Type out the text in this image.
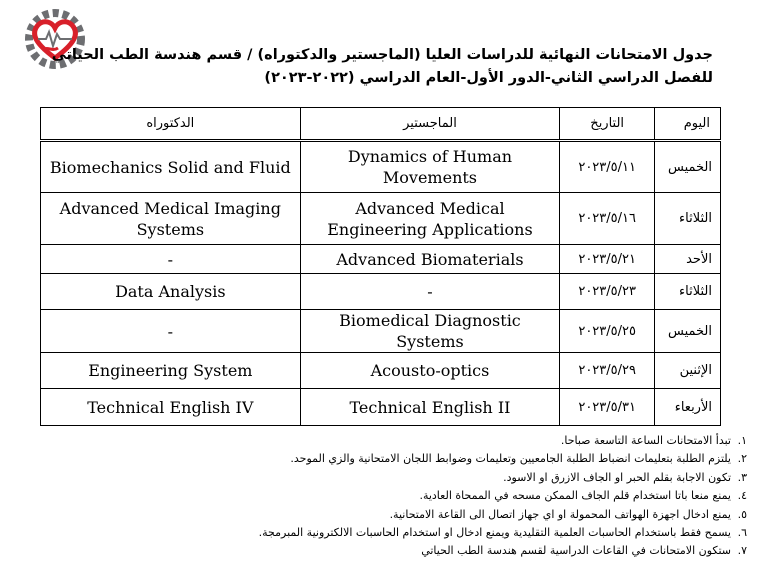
جدول الامتحانات النهائية للدراسات العليا (الماجستير والدكتوراه) / قسم هندسة الطب الحياتي
للفصل الدراسي الثاني-الدور الأول-العام الدراسي (٢٠٢٢-٢٠٢٣)
اليوم	التاريخ	الماجستير	الدكتوراه
الخميس	٢٠٢٣/٥/١١	Dynamics of Human Movements	Biomechanics Solid and Fluid
الثلاثاء	٢٠٢٣/٥/١٦	Advanced Medical Engineering Applications	Advanced Medical Imaging Systems
الأحد	٢٠٢٣/٥/٢١	Advanced Biomaterials	-
الثلاثاء	٢٠٢٣/٥/٢٣	-	Data Analysis
الخميس	٢٠٢٣/٥/٢٥	Biomedical Diagnostic Systems	-
الإثنين	٢٠٢٣/٥/٢٩	Acousto-optics	Engineering System
الأربعاء	٢٠٢٣/٥/٣١	Technical English II	Technical English IV
١.تبدأ الامتحانات الساعة التاسعة صباحا.
٢.يلتزم الطلبة بتعليمات انضباط الطلبة الجامعيين وتعليمات وضوابط اللجان الامتحانية والزي الموحد.
٣.تكون الاجابة بقلم الحبر او الجاف الازرق او الاسود.
٤.يمنع منعا باتا استخدام قلم الجاف الممكن مسحه في الممحاة العادية.
٥.يمنع ادخال اجهزة الهواتف المحمولة او اي جهاز اتصال الى القاعة الامتحانية.
٦.يسمح فقط باستخدام الحاسبات العلمية التقليدية ويمنع ادخال او استخدام الحاسبات الالكترونية المبرمجة.
٧.ستكون الامتحانات في القاعات الدراسية لقسم هندسة الطب الحياتي
